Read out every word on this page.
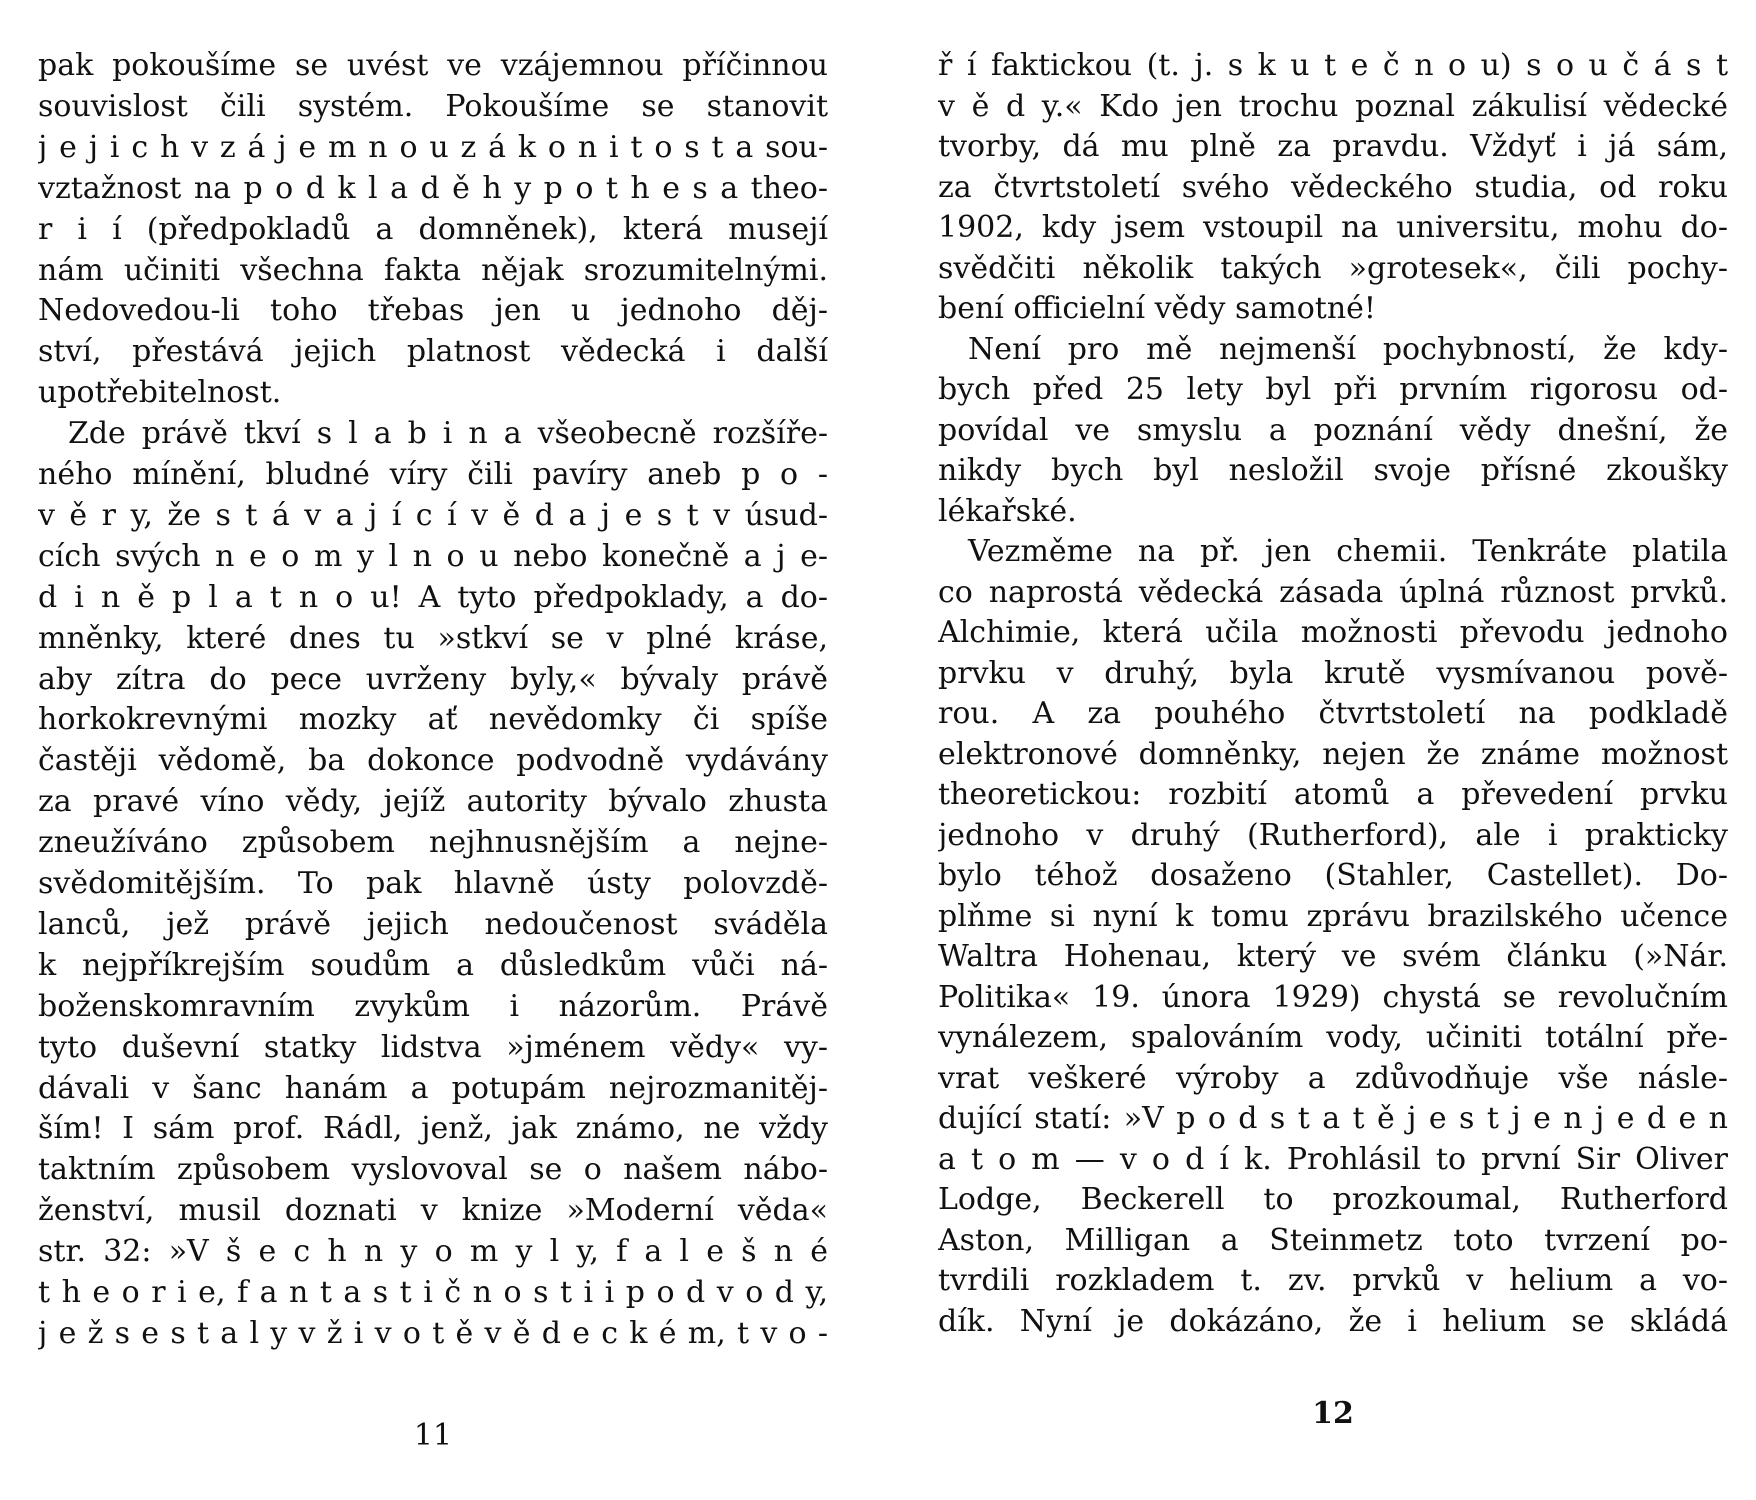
pak pokoušíme se uvést ve vzájemnou příčinnou
souvislost čili systém. Pokoušíme se stanovit
j e j i c h v z á j e m n o u z á k o n i t o s t a sou-
vztažnost na p o d k l a d ě h y p o t h e s a theo-
r i í (předpokladů a domněnek), která musejí
nám učiniti všechna fakta nějak srozumitelnými.
Nedovedou-li toho třebas jen u jednoho děj-
ství, přestává jejich platnost vědecká i další
upotřebitelnost.
Zde právě tkví s l a b i n a všeobecně rozšíře-
ného mínění, bludné víry čili pavíry aneb p o -
v ě r y, že s t á v a j í c í v ě d a j e s t v úsud-
cích svých n e o m y l n o u nebo konečně a j e-
d i n ě p l a t n o u! A tyto předpoklady, a do-
mněnky, které dnes tu »stkví se v plné kráse,
aby zítra do pece uvrženy byly,« bývaly právě
horkokrevnými mozky ať nevědomky či spíše
častěji vědomě, ba dokonce podvodně vydávány
za pravé víno vědy, jejíž autority bývalo zhusta
zneužíváno způsobem nejhnusnějším a nejne-
svědomitějším. To pak hlavně ústy polovzdě-
lanců, jež právě jejich nedoučenost sváděla
k nejpříkrejším soudům a důsledkům vůči ná-
boženskomravním zvykům i názorům. Právě
tyto duševní statky lidstva »jménem vědy« vy-
dávali v šanc hanám a potupám nejrozmanitěj-
ším! I sám prof. Rádl, jenž, jak známo, ne vždy
taktním způsobem vyslovoval se o našem nábo-
ženství, musil doznati v knize »Moderní věda«
str. 32: »V š e c h n y o m y l y, f a l e š n é
t h e o r i e, f a n t a s t i č n o s t i i p o d v o d y,
j e ž s e s t a l y v ž i v o t ě v ě d e c k é m, t v o -
11
ř í faktickou (t. j. s k u t e č n o u) s o u č á s t
v ě d y.« Kdo jen trochu poznal zákulisí vědecké
tvorby, dá mu plně za pravdu. Vždyť i já sám,
za čtvrtstoletí svého vědeckého studia, od roku
1902, kdy jsem vstoupil na universitu, mohu do-
svědčiti několik takých »grotesek«, čili pochy-
bení officielní vědy samotné!
Není pro mě nejmenší pochybností, že kdy-
bych před 25 lety byl při prvním rigorosu od-
povídal ve smyslu a poznání vědy dnešní, že
nikdy bych byl nesložil svoje přísné zkoušky
lékařské.
Vezměme na př. jen chemii. Tenkráte platila
co naprostá vědecká zásada úplná různost prvků.
Alchimie, která učila možnosti převodu jednoho
prvku v druhý, byla krutě vysmívanou pově-
rou. A za pouhého čtvrtstoletí na podkladě
elektronové domněnky, nejen že známe možnost
theoretickou: rozbití atomů a převedení prvku
jednoho v druhý (Rutherford), ale i prakticky
bylo téhož dosaženo (Stahler, Castellet). Do-
plňme si nyní k tomu zprávu brazilského učence
Waltra Hohenau, který ve svém článku (»Nár.
Politika« 19. února 1929) chystá se revolučním
vynálezem, spalováním vody, učiniti totální pře-
vrat veškeré výroby a zdůvodňuje vše násle-
dující statí: »V p o d s t a t ě j e s t j e n j e d e n
a t o m — v o d í k. Prohlásil to první Sir Oliver
Lodge, Beckerell to prozkoumal, Rutherford
Aston, Milligan a Steinmetz toto tvrzení po-
tvrdili rozkladem t. zv. prvků v helium a vo-
dík. Nyní je dokázáno, že i helium se skládá
12
